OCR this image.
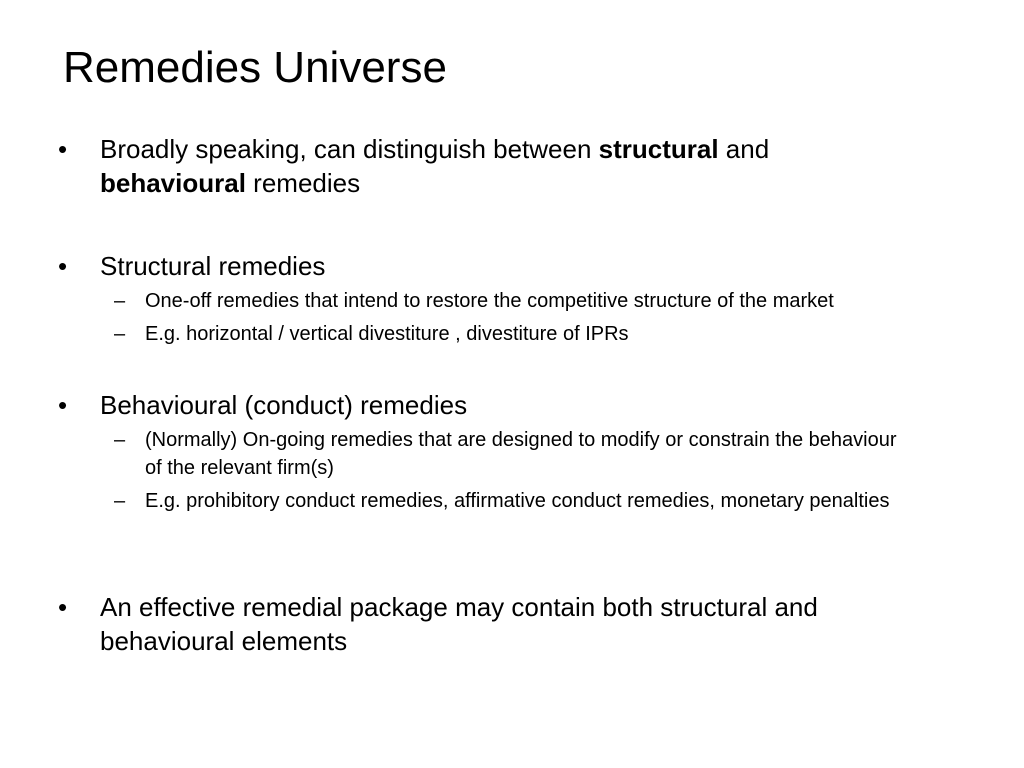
Remedies Universe
• Broadly speaking, can distinguish between structural and
behavioural remedies
• Structural remedies
– One-off remedies that intend to restore the competitive structure of the market
– E.g. horizontal / vertical divestiture , divestiture of IPRs
• Behavioural (conduct) remedies
– (Normally) On-going remedies that are designed to modify or constrain the behaviour of the relevant firm(s)
– E.g. prohibitory conduct remedies, affirmative conduct remedies, monetary penalties
• An effective remedial package may contain both structural and behavioural elements
